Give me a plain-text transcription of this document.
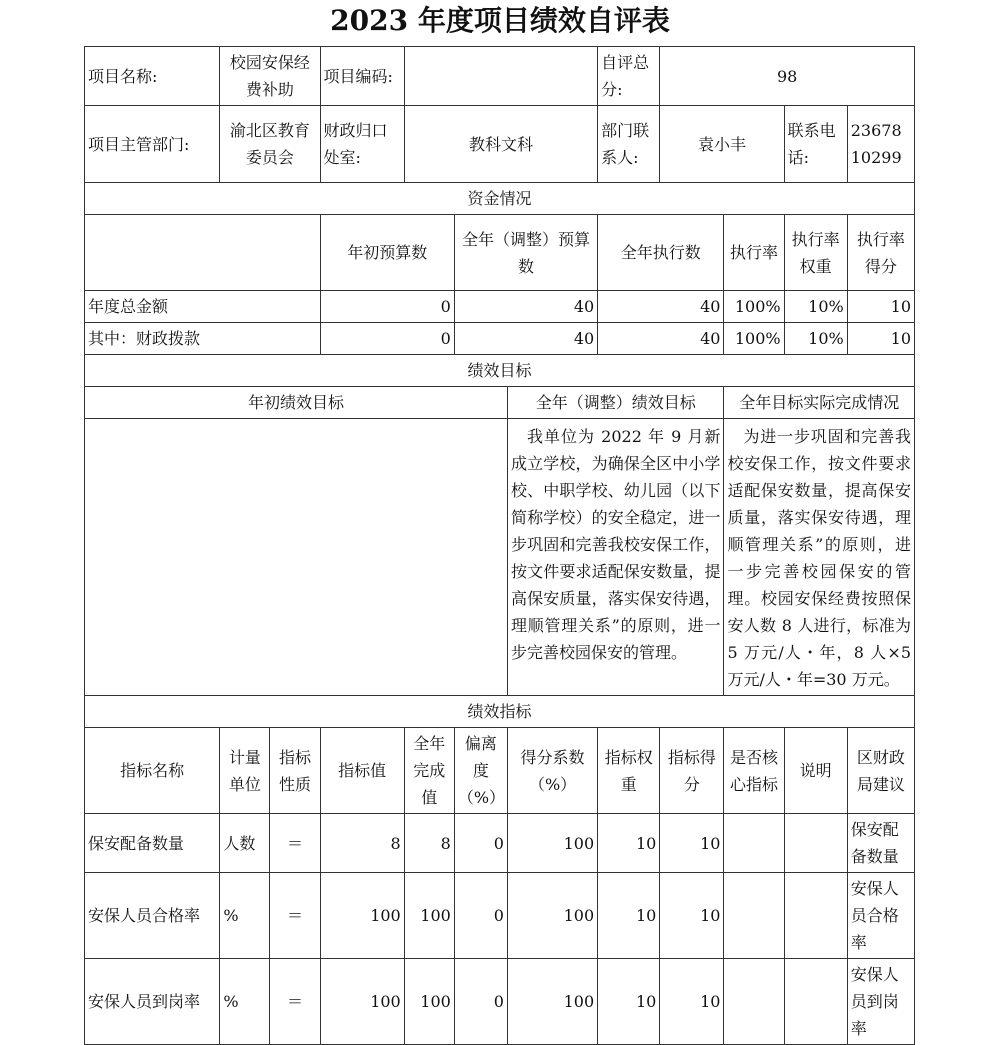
2023 年度项目绩效自评表
项目名称:	校园安保经费补助		项目编码:				自评总分:	98			
项目主管部门:	渝北区教育委员会		财政归口处室:	教科文科			部门联系人:	袁小丰		联系电话:	2367810299
资金情况											
			年初预算数		全年（调整）预算数		全年执行数		执行率	执行率权重	执行率得分
年度总金额			0		40		40		100%	10%	10
其中：财政拨款			0		40		40		100%	10%	10
绩效目标											
年初绩效目标						全年（调整）绩效目标			全年目标实际完成情况		
						我单位为 2022 年 9 月新成立学校，为确保全区中小学校、中职学校、幼儿园（以下简称学校）的安全稳定，进一步巩固和完善我校安保工作，按文件要求适配保安数量，提高保安质量，落实保安待遇，理顺管理关系”的原则，进一步完善校园保安的管理。			为进一步巩固和完善我校安保工作，按文件要求适配保安数量，提高保安质量，落实保安待遇，理顺管理关系”的原则，进一步完善校园保安的管理。校园安保经费按照保安人数 8 人进行，标准为 5 万元/人・年，8 人×5 万元/人・年=30 万元。		
绩效指标											
指标名称	计量单位	指标性质	指标值	全年完成值	偏离度（%）	得分系数（%）	指标权重	指标得分	是否核心指标	说明	区财政局建议
保安配备数量	人数	＝	8	8	0	100	10	10			保安配备数量
安保人员合格率	%	＝	100	100	0	100	10	10			安保人员合格率
安保人员到岗率	%	＝	100	100	0	100	10	10			安保人员到岗率
